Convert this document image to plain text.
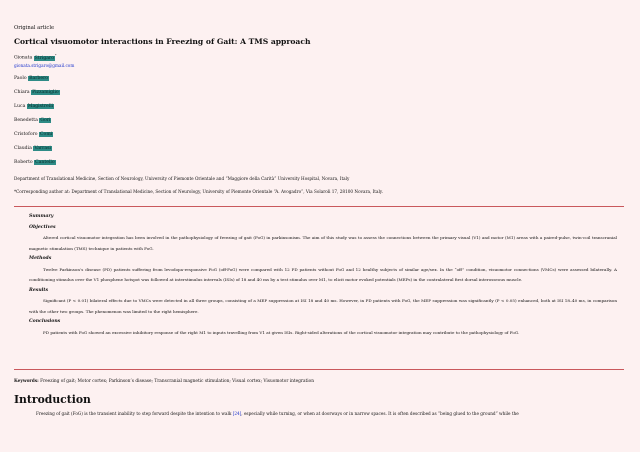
Original article
Cortical visuomotor interactions in Freezing of Gait: A TMS approach
Gionata Strigaro*
gionata.strigaro@gmail.com
Paolo Barbero
Chiara Pizzamiglio
Luca Magistrelli
Benedetta Gori
Cristoforo Comi
Claudia Varrasi
Roberto Cantello
Department of Translational Medicine, Section of Neurology, University of Piemonte Orientale and “Maggiore della Carità” University Hospital, Novara, Italy
*Corresponding author at: Department of Translational Medicine, Section of Neurology, University of Piemonte Orientale “A. Avogadro”, Via Solaroli 17, 28100 Novara, Italy.
Summary
Objectives

Altered cortical visuomotor integration has been involved in the pathophysiology of freezing of gait (FoG) in parkinsonism. The aim of this study was to assess the connections between the primary visual (V1) and motor (M1) areas with a paired-pulse, twin-coil transcranial magnetic stimulation (TMS) technique in patients with FoG.

Methods

Twelve Parkinson’s disease (PD) patients suffering from levodopa-responsive FoG (off-FoG) were compared with 12 PD patients without FoG and 12 healthy subjects of similar age/sex. In the “off” condition, visuomotor connections (VMCs) were assessed bilaterally. A conditioning stimulus over the V1 phosphene hotspot was followed at interstimulus intervals (ISIs) of 18 and 40 ms by a test stimulus over M1, to elicit motor evoked potentials (MEPs) in the contralateral first dorsal interosseous muscle.

Results

Significant (P < 0.01) bilateral effects due to VMCs were detected in all three groups, consisting of a MEP suppression at ISI 18 and 40 ms. However, in PD patients with FoG, the MEP suppression was significantly (P < 0.05) enhanced, both at ISI 18–40 ms, in comparison with the other two groups. The phenomenon was limited to the right hemisphere.

Conclusions

PD patients with FoG showed an excessive inhibitory response of the right M1 to inputs travelling from V1 at given ISIs. Right-sided alterations of the cortical visuomotor integration may contribute to the pathophysiology of FoG.

Keywords: Freezing of gait; Motor cortex; Parkinson’s disease; Transcranial magnetic stimulation; Visual cortex; Visuomotor integration
Introduction
Freezing of gait (FoG) is the transient inability to step forward despite the intention to walk [24], especially while turning, or when at doorways or in narrow spaces. It is often described as “being glued to the ground” while the
